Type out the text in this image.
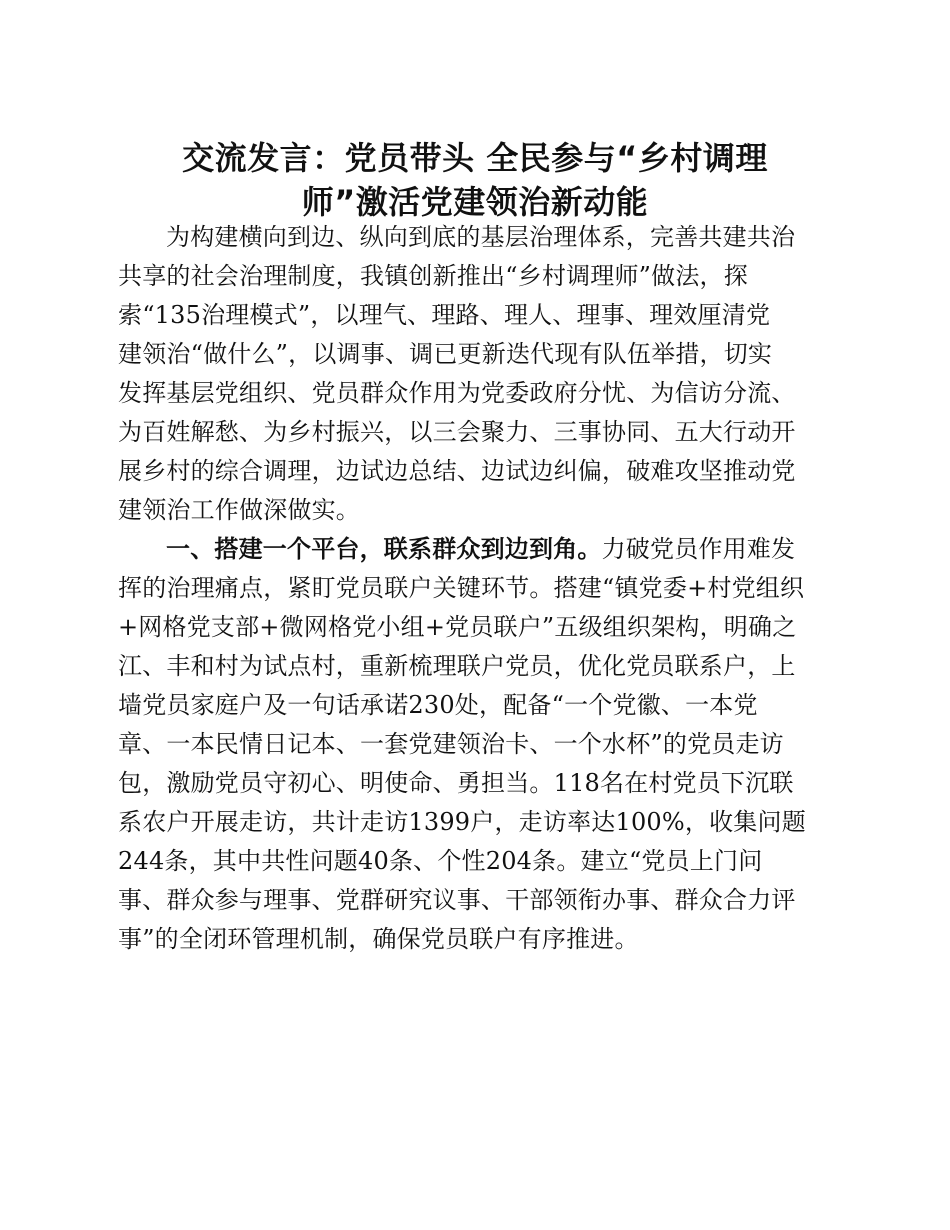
交流发言：党员带头 全民参与“乡村调理
师”激活党建领治新动能

为构建横向到边、纵向到底的基层治理体系，完善共建共治
共享的社会治理制度，我镇创新推出“乡村调理师”做法，探
索“135治理模式”，以理气、理路、理人、理事、理效厘清党
建领治“做什么”，以调事、调已更新迭代现有队伍举措，切实
发挥基层党组织、党员群众作用为党委政府分忧、为信访分流、
为百姓解愁、为乡村振兴，以三会聚力、三事协同、五大行动开
展乡村的综合调理，边试边总结、边试边纠偏，破难攻坚推动党
建领治工作做深做实。

一、搭建一个平台，联系群众到边到角。力破党员作用难发
挥的治理痛点，紧盯党员联户关键环节。搭建“镇党委+村党组织
+网格党支部+微网格党小组+党员联户”五级组织架构，明确之
江、丰和村为试点村，重新梳理联户党员，优化党员联系户，上
墙党员家庭户及一句话承诺230处，配备“一个党徽、一本党
章、一本民情日记本、一套党建领治卡、一个水杯”的党员走访
包，激励党员守初心、明使命、勇担当。118名在村党员下沉联
系农户开展走访，共计走访1399户，走访率达100%，收集问题
244条，其中共性问题40条、个性204条。建立“党员上门问
事、群众参与理事、党群研究议事、干部领衔办事、群众合力评
事”的全闭环管理机制，确保党员联户有序推进。
